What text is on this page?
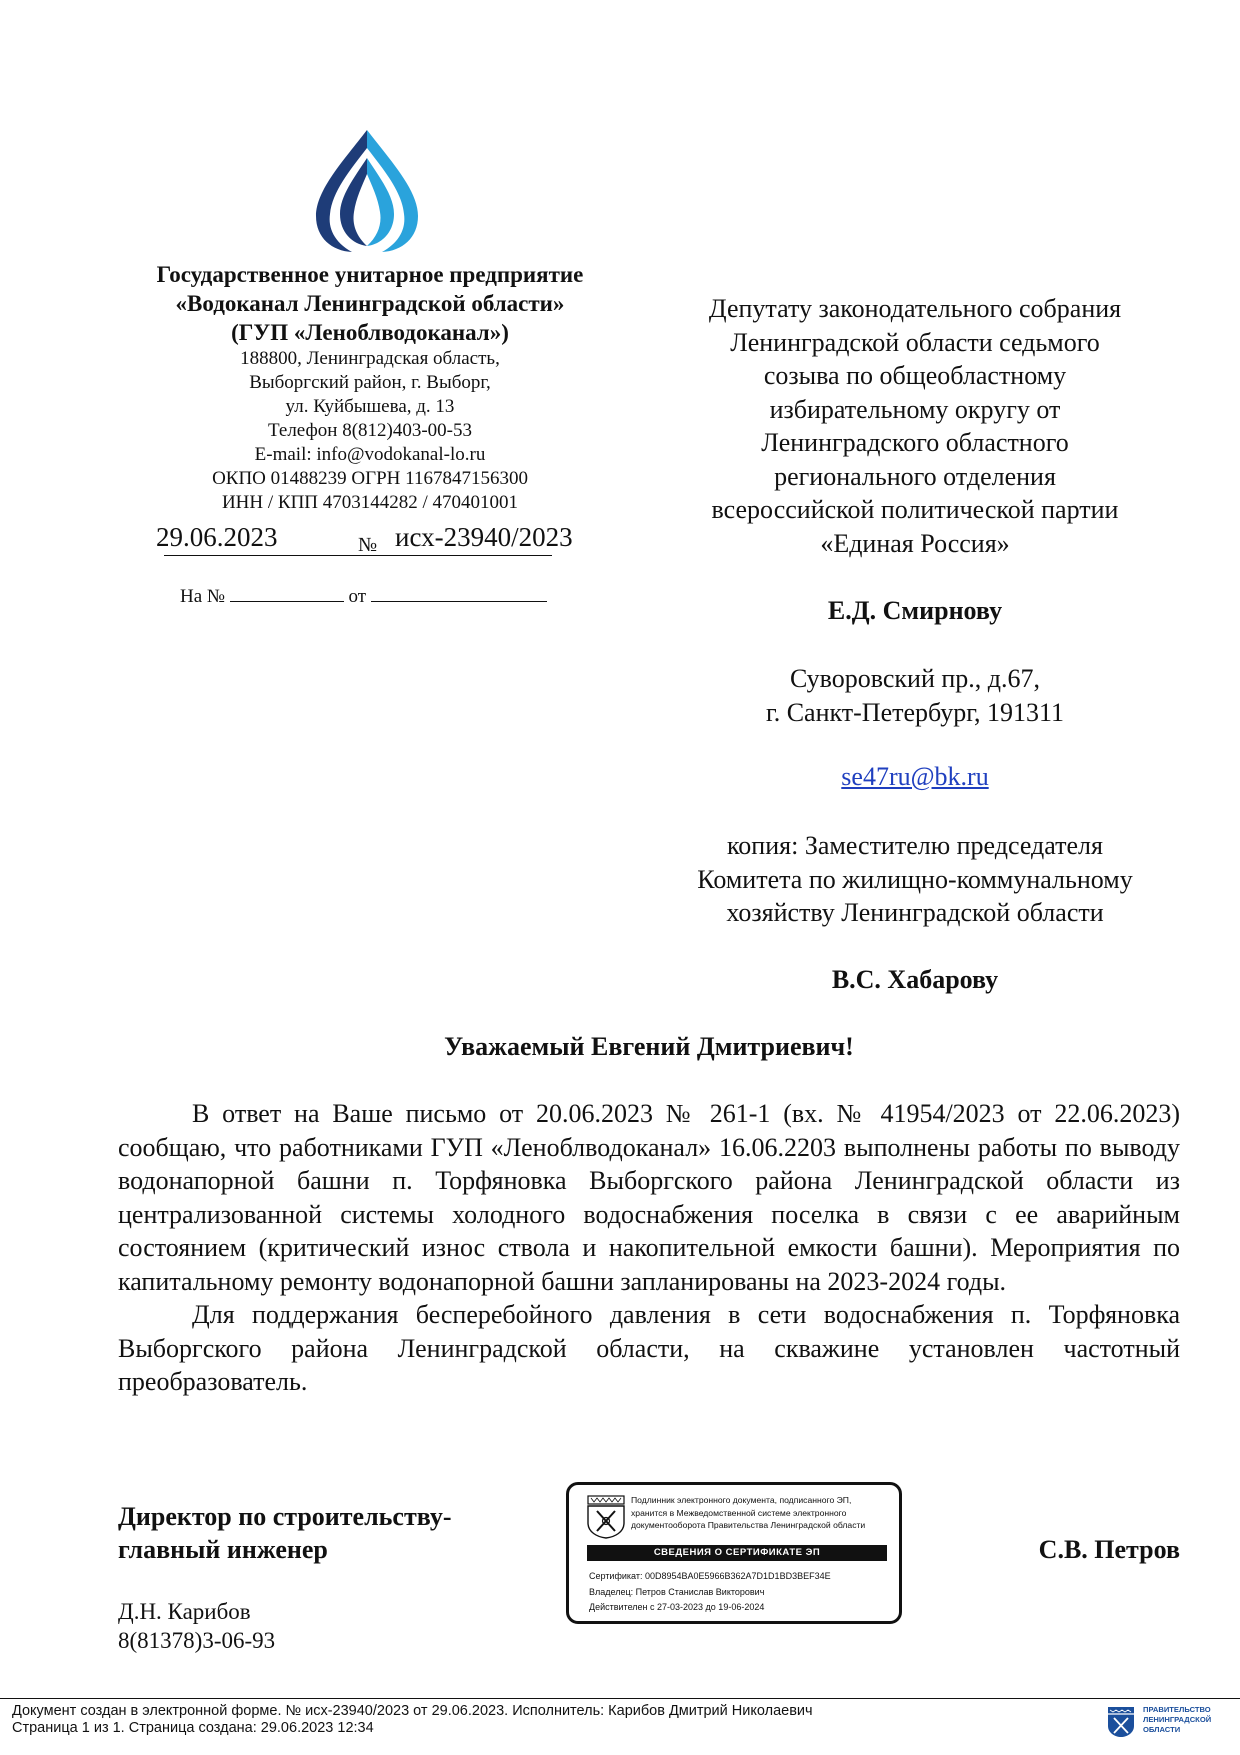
Государственное унитарное предприятие
«Водоканал Ленинградской области»
(ГУП «Леноблводоканал»)
188800, Ленинградская область,
Выборгский район, г. Выборг,
ул. Куйбышева, д. 13
Телефон 8(812)403-00-53
E-mail: info@vodokanal-lo.ru
ОКПО 01488239 ОГРН 1167847156300
ИНН / КПП 4703144282 / 470401001
29.06.2023	№ исх-23940/2023
На №	от
Депутату законодательного собрания
Ленинградской области седьмого
созыва по общеобластному
избирательному округу от
Ленинградского областного
регионального отделения
всероссийской политической партии
«Единая Россия»
Е.Д. Смирнову
Суворовский пр., д.67,
г. Санкт-Петербург, 191311
se47ru@bk.ru
копия: Заместителю председателя
Комитета по жилищно-коммунальному
хозяйству Ленинградской области
В.С. Хабарову
Уважаемый Евгений Дмитриевич!

В ответ на Ваше письмо от 20.06.2023 № 261-1 (вх. № 41954/2023 от 22.06.2023) сообщаю, что работниками ГУП «Леноблводоканал» 16.06.2203 выполнены работы по выводу водонапорной башни п. Торфяновка Выборгского района Ленинградской области из централизованной системы холодного водоснабжения поселка в связи с ее аварийным состоянием (критический износ ствола и накопительной емкости башни). Мероприятия по капитальному ремонту водонапорной башни запланированы на 2023-2024 годы.

Для поддержания бесперебойного давления в сети водоснабжения п. Торфяновка Выборгского района Ленинградской области, на скважине установлен частотный преобразователь.

Директор по строительству-
главный инженер
Д.Н. Карибов
8(81378)3-06-93
С.В. Петров
Подлинник электронного документа, подписанного ЭП,
хранится в Межведомственной системе электронного
документооборота Правительства Ленинградской области
СВЕДЕНИЯ О СЕРТИФИКАТЕ ЭП
Сертификат: 00D8954BA0E5966B362A7D1D1BD3BEF34E
Владелец: Петров Станислав Викторович
Действителен с 27-03-2023 до 19-06-2024
Документ создан в электронной форме. № исх-23940/2023 от 29.06.2023. Исполнитель: Карибов Дмитрий Николаевич
Страница 1 из 1. Страница создана: 29.06.2023 12:34
ПРАВИТЕЛЬСТВО
ЛЕНИНГРАДСКОЙ
ОБЛАСТИ
